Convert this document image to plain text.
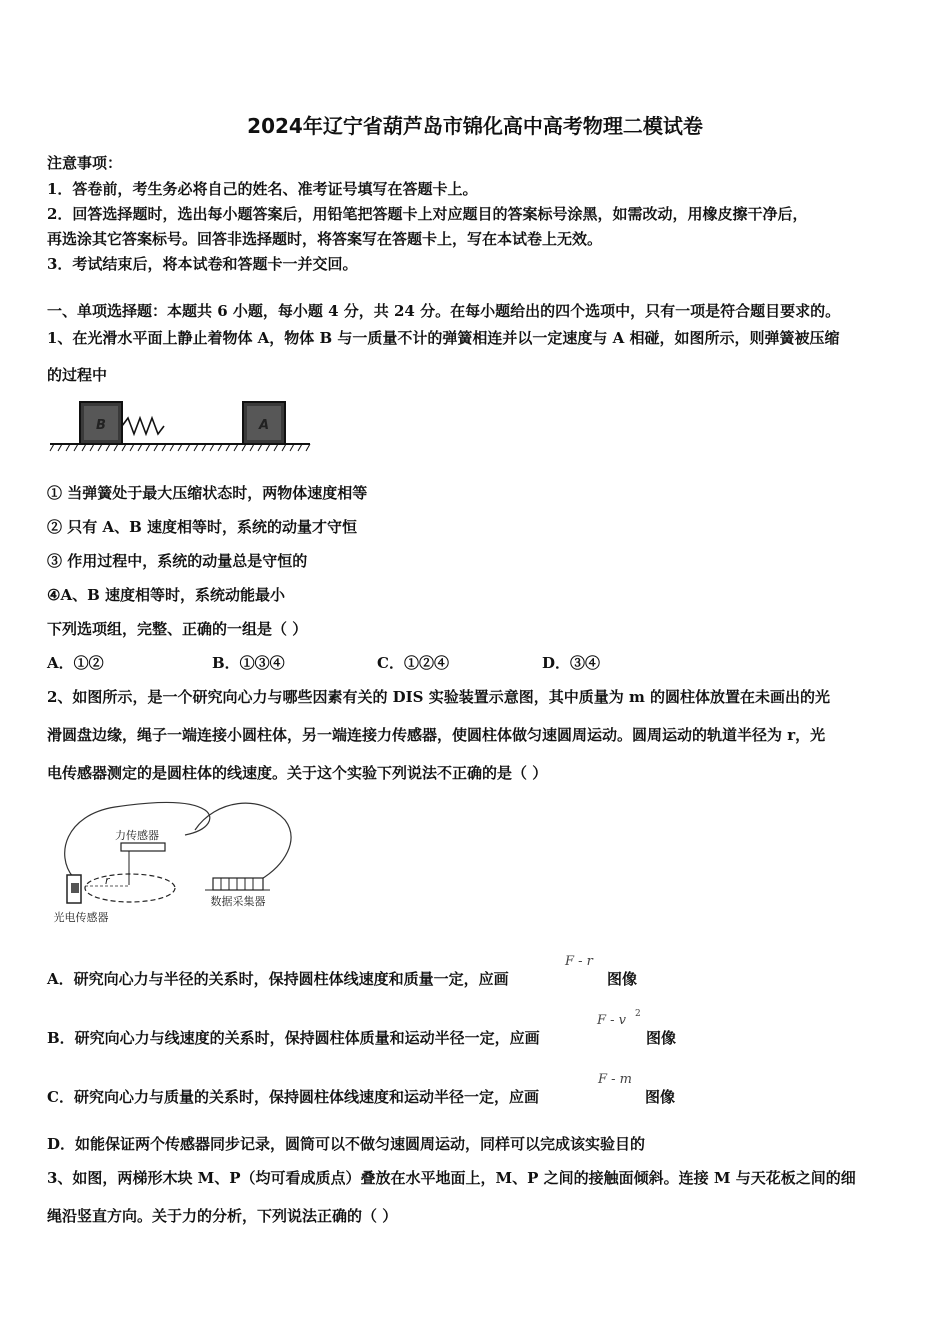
2024年辽宁省葫芦岛市锦化高中高考物理二模试卷
注意事项：
1．答卷前，考生务必将自己的姓名、准考证号填写在答题卡上。
2．回答选择题时，选出每小题答案后，用铅笔把答题卡上对应题目的答案标号涂黑，如需改动，用橡皮擦干净后，
再选涂其它答案标号。回答非选择题时，将答案写在答题卡上，写在本试卷上无效。
3．考试结束后，将本试卷和答题卡一并交回。
一、单项选择题：本题共 6 小题，每小题 4 分，共 24 分。在每小题给出的四个选项中，只有一项是符合题目要求的。
1、在光滑水平面上静止着物体 A，物体 B 与一质量不计的弹簧相连并以一定速度与 A 相碰，如图所示，则弹簧被压缩
的过程中
B	A
① 当弹簧处于最大压缩状态时，两物体速度相等
② 只有 A、B 速度相等时，系统的动量才守恒
③ 作用过程中，系统的动量总是守恒的
④A、B 速度相等时，系统动能最小
下列选项组，完整、正确的一组是（ ）
A．①②	B．①③④	C．①②④	D．③④
2、如图所示，是一个研究向心力与哪些因素有关的 DIS 实验装置示意图，其中质量为 m 的圆柱体放置在未画出的光
滑圆盘边缘，绳子一端连接小圆柱体，另一端连接力传感器，使圆柱体做匀速圆周运动。圆周运动的轨道半径为 r，光
电传感器测定的是圆柱体的线速度。关于这个实验下列说法不正确的是（ ）
力传感器
r
光电传感器
数据采集器
A．研究向心力与半径的关系时，保持圆柱体线速度和质量一定，应画
F - r
图像
B．研究向心力与线速度的关系时，保持圆柱体质量和运动半径一定，应画
F - v 2
图像
C．研究向心力与质量的关系时，保持圆柱体线速度和运动半径一定，应画
F - m
图像
D．如能保证两个传感器同步记录，圆筒可以不做匀速圆周运动，同样可以完成该实验目的
3、如图，两梯形木块 M、P（均可看成质点）叠放在水平地面上，M、P 之间的接触面倾斜。连接 M 与天花板之间的细
绳沿竖直方向。关于力的分析，下列说法正确的（ ）
